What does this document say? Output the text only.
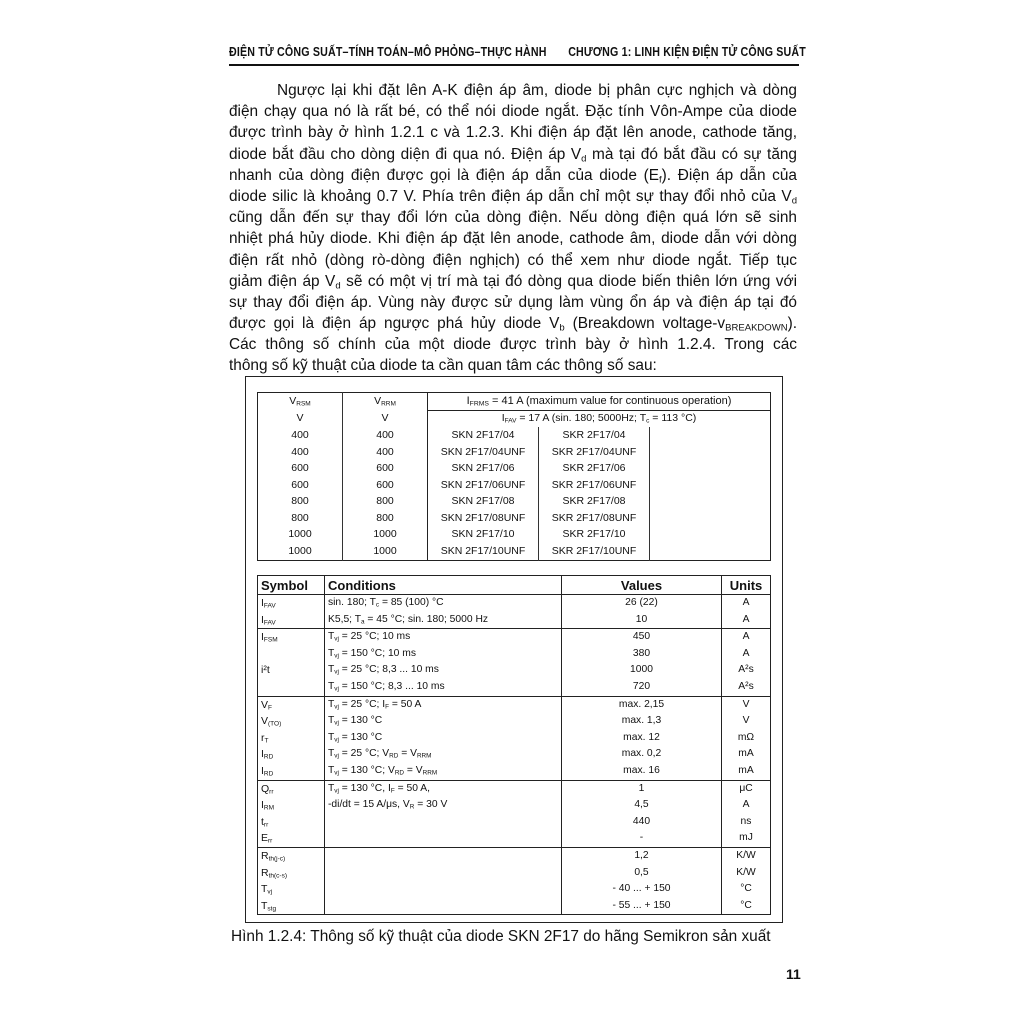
ĐIỆN TỬ CÔNG SUẤT–TÍNH TOÁN–MÔ PHỎNG–THỰC HÀNH CHƯƠNG 1: LINH KIỆN ĐIỆN TỬ CÔNG SUẤT
Ngược lại khi đặt lên A-K điện áp âm, diode bị phân cực nghịch và dòng
điện chạy qua nó là rất bé, có thể nói diode ngắt. Đặc tính Vôn-Ampe của diode
được trình bày ở hình 1.2.1 c và 1.2.3. Khi điện áp đặt lên anode, cathode tăng,
diode bắt đầu cho dòng diện đi qua nó. Điện áp $V_d$ mà tại đó bắt đầu có sự tăng
nhanh của dòng điện được gọi là điện áp dẫn của diode $(E_f)$. Điện áp dẫn của
diode silic là khoảng 0.7 V. Phía trên điện áp dẫn chỉ một sự thay đổi nhỏ của $V_d$
cũng dẫn đến sự thay đổi lớn của dòng điện. Nếu dòng điện quá lớn sẽ sinh
nhiệt phá hủy diode. Khi điện áp đặt lên anode, cathode âm, diode dẫn với dòng
điện rất nhỏ (dòng rò-dòng điện nghịch) có thể xem như diode ngắt. Tiếp tục
giảm điện áp $V_d$ sẽ có một vị trí mà tại đó dòng qua diode biến thiên lớn ứng với
sự thay đổi điện áp. Vùng này được sử dụng làm vùng ổn áp và điện áp tại đó
được gọi là điện áp ngược phá hủy diode $V_b$ (Breakdown voltage-$v_{BREAKDOWN}$).
Các thông số chính của một diode được trình bày ở hình 1.2.4. Trong các
thông số kỹ thuật của diode ta cần quan tâm các thông số sau:
$V_{RSM}$	$V_{RRM}$	$I_{FRMS} = 41$ A (maximum value for continuous operation)		
V	V	$I_{FAV} = 17$ A (sin. 180; 5000Hz; $T_c = 113$ °C)		
400	400	SKN 2F17/04	SKR 2F17/04	
400	400	SKN 2F17/04UNF	SKR 2F17/04UNF	
600	600	SKN 2F17/06	SKR 2F17/06	
600	600	SKN 2F17/06UNF	SKR 2F17/06UNF	
800	800	SKN 2F17/08	SKR 2F17/08	
800	800	SKN 2F17/08UNF	SKR 2F17/08UNF	
1000	1000	SKN 2F17/10	SKR 2F17/10	
1000	1000	SKN 2F17/10UNF	SKR 2F17/10UNF	
Symbol	Conditions	Values	Units
$I_{FAV}$	sin. 180; $T_c = 85$ (100) °C	26 (22)	A
$I_{FAV}$	K5,5; $T_a = 45$ °C; sin. 180; 5000 Hz	10	A
$I_{FSM}$	$T_{vj} = 25$ °C; 10 ms	450	A
	$T_{vj} = 150$ °C; 10 ms	380	A
i²t	$T_{vj} = 25$ °C; 8,3 ... 10 ms	1000	A²s
	$T_{vj} = 150$ °C; 8,3 ... 10 ms	720	A²s
$V_F$	$T_{vj} = 25$ °C; $I_F = 50$ A	max. 2,15	V
$V_{(TO)}$	$T_{vj} = 130$ °C	max. 1,3	V
$r_T$	$T_{vj} = 130$ °C	max. 12	mΩ
$I_{RD}$	$T_{vj} = 25$ °C; $V_{RD} = V_{RRM}$	max. 0,2	mA
$I_{RD}$	$T_{vj} = 130$ °C; $V_{RD} = V_{RRM}$	max. 16	mA
$Q_{rr}$	$T_{vj} = 130$ °C, $I_F = 50$ A,	1	μC
$I_{RM}$	-di/dt = 15 A/μs, $V_R = 30$ V	4,5	A
$t_{rr}$		440	ns
$E_{rr}$		-	mJ
$R_{th(j-c)}$		1,2	K/W
$R_{th(c-s)}$		0,5	K/W
$T_{vj}$		- 40 ... + 150	°C
$T_{stg}$		- 55 ... + 150	°C
Hình 1.2.4: Thông số kỹ thuật của diode SKN 2F17 do hãng Semikron sản xuất
11
